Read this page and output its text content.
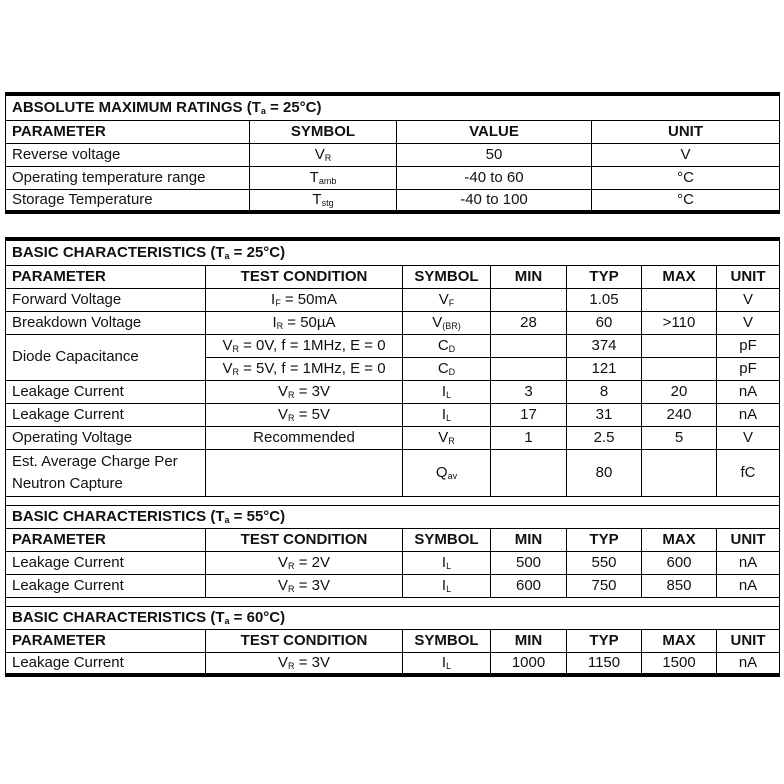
ABSOLUTE MAXIMUM RATINGS $(T_a = 25^\circ C)$			
PARAMETER	SYMBOL	VALUE	UNIT
Reverse voltage	$V_R$	50	V
Operating temperature range	$T_{amb}$	-40 to 60	°C
Storage Temperature	$T_{stg}$	-40 to 100	°C
BASIC CHARACTERISTICS $(T_a = 25^\circ C)$						
PARAMETER	TEST CONDITION	SYMBOL	MIN	TYP	MAX	UNIT
Forward Voltage	$I_F = 50mA$	$V_F$		1.05		V
Breakdown Voltage	$I_R = 50\mu A$	$V_{(BR)}$	28	60	>110	V
Diode Capacitance	$V_R = 0V$, f = 1MHz, E = 0	$C_D$		374		pF
	$V_R = 5V$, f = 1MHz, E = 0	$C_D$		121		pF
Leakage Current	$V_R = 3V$	$I_L$	3	8	20	nA
Leakage Current	$V_R = 5V$	$I_L$	17	31	240	nA
Operating Voltage	Recommended	$V_R$	1	2.5	5	V
Est. Average Charge Per
Neutron Capture		$Q_{av}$		80		fC

BASIC CHARACTERISTICS $(T_a = 55^\circ C)$						
PARAMETER	TEST CONDITION	SYMBOL	MIN	TYP	MAX	UNIT
Leakage Current	$V_R = 2V$	$I_L$	500	550	600	nA
Leakage Current	$V_R = 3V$	$I_L$	600	750	850	nA

BASIC CHARACTERISTICS $(T_a = 60^\circ C)$						
PARAMETER	TEST CONDITION	SYMBOL	MIN	TYP	MAX	UNIT
Leakage Current	$V_R = 3V$	$I_L$	1000	1150	1500	nA
